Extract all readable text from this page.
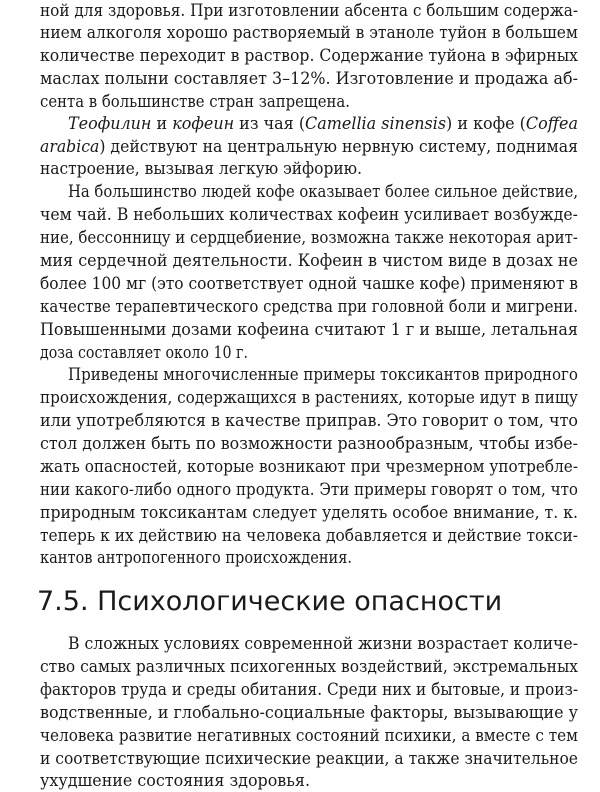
ной для здоровья. При изготовлении абсента с большим содержа-
нием алкоголя хорошо растворяемый в этаноле туйон в большем
количестве переходит в раствор. Содержание туйона в эфирных
маслах полыни составляет 3–12%. Изготовление и продажа аб-
сента в большинстве стран запрещена.
Теофилин и кофеин из чая (Camellia sinensis) и кофе (Coffea
arabica) действуют на центральную нервную систему, поднимая
настроение, вызывая легкую эйфорию.
На большинство людей кофе оказывает более сильное действие,
чем чай. В небольших количествах кофеин усиливает возбужде-
ние, бессонницу и сердцебиение, возможна также некоторая арит-
мия сердечной деятельности. Кофеин в чистом виде в дозах не
более 100 мг (это соответствует одной чашке кофе) применяют в
качестве терапевтического средства при головной боли и мигрени.
Повышенными дозами кофеина считают 1 г и выше, летальная
доза составляет около 10 г.
Приведены многочисленные примеры токсикантов природного
происхождения, содержащихся в растениях, которые идут в пищу
или употребляются в качестве приправ. Это говорит о том, что
стол должен быть по возможности разнообразным, чтобы избе-
жать опасностей, которые возникают при чрезмерном употребле-
нии какого-либо одного продукта. Эти примеры говорят о том, что
природным токсикантам следует уделять особое внимание, т. к.
теперь к их действию на человека добавляется и действие токси-
кантов антропогенного происхождения.
7.5. Психологические опасности
В сложных условиях современной жизни возрастает количе-
ство самых различных психогенных воздействий, экстремальных
факторов труда и среды обитания. Среди них и бытовые, и произ-
водственные, и глобально-социальные факторы, вызывающие у
человека развитие негативных состояний психики, а вместе с тем
и соответствующие психические реакции, а также значительное
ухудшение состояния здоровья.
